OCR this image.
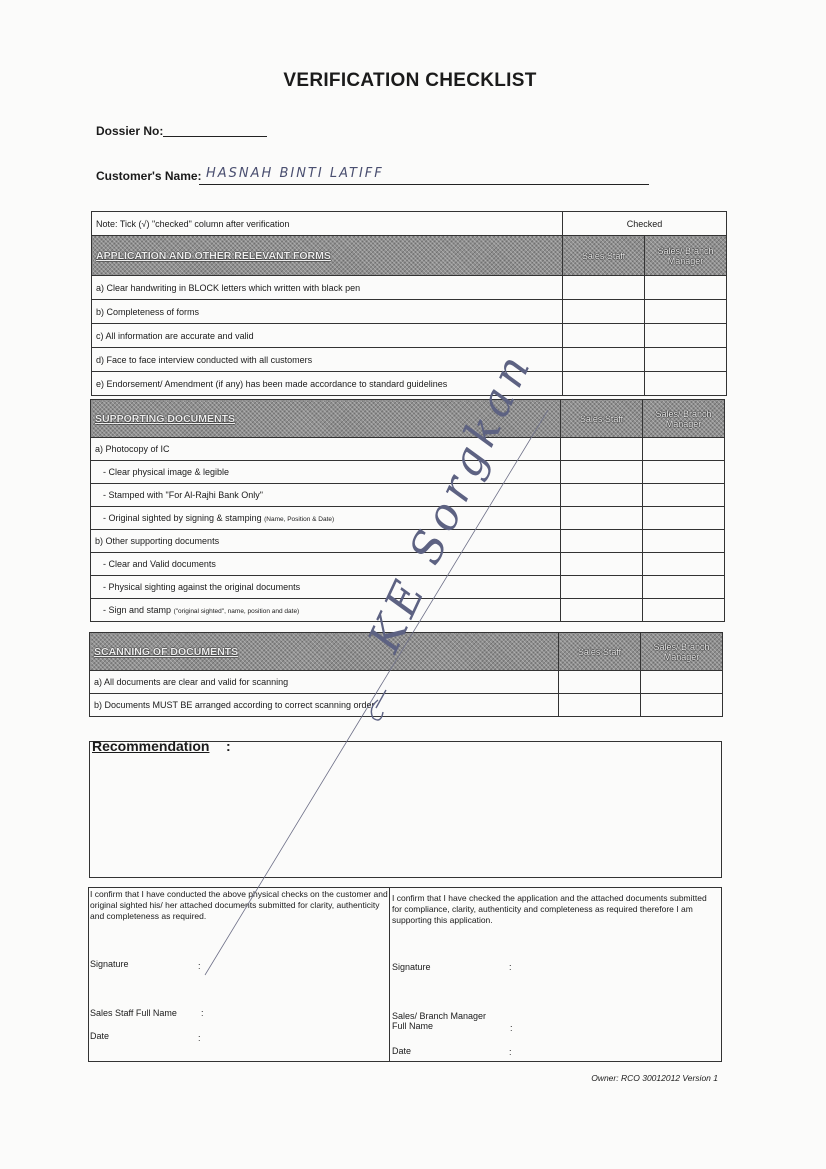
VERIFICATION CHECKLIST
Dossier No:
Customer's Name: HASNAH BINTI LATIFF
Note: Tick (√) "checked" column after verification	Checked	
APPLICATION AND OTHER RELEVANT FORMS	Sales Staff	Sales/ Branch Manager
a) Clear handwriting in BLOCK letters which written with black pen		
b) Completeness of forms		
c) All information are accurate and valid		
d) Face to face interview conducted with all customers		
e) Endorsement/ Amendment (if any) has been made accordance to standard guidelines		
SUPPORTING DOCUMENTS	Sales Staff	Sales/ Branch Manager
a) Photocopy of IC		
- Clear physical image & legible		
- Stamped with "For Al-Rajhi Bank Only"		
- Original sighted by signing & stamping (Name, Position & Date)		
b) Other supporting documents		
- Clear and Valid documents		
- Physical sighting against the original documents		
- Sign and stamp ("original sighted", name, position and date)		
SCANNING OF DOCUMENTS	Sales Staff	Sales/ Branch Manager
a) All documents are clear and valid for scanning		
b) Documents MUST BE arranged according to correct scanning order		
Recommendation :
I confirm that I have conducted the above physical checks on the customer and original sighted his/ her attached documents submitted for clarity, authenticity and completeness as required.
Signature	:
Sales Staff Full Name	:
Date	:
I confirm that I have checked the application and the attached documents submitted for compliance, clarity, authenticity and completeness as required therefore I am supporting this application.
Signature	:
Sales/ Branch Manager Full Name	:
Date	:
Owner: RCO 30012012 Version 1
KE Sorgkan
